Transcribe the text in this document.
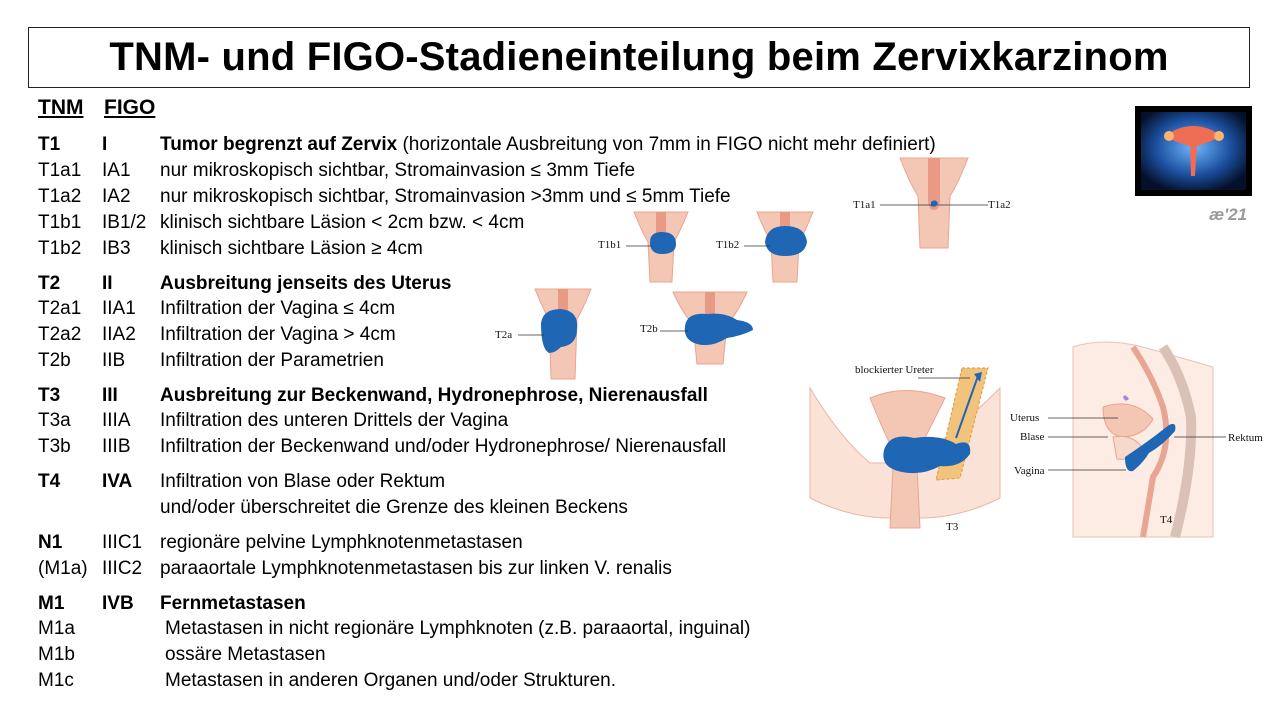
TNM- und FIGO-Stadieneinteilung beim Zervixkarzinom
TNM FIGO
T1 I	Tumor begrenzt auf Zervix (horizontale Ausbreitung von 7mm in FIGO nicht mehr definiert)
T1a1 IA1 nur mikroskopisch sichtbar, Stromainvasion ≤ 3mm Tiefe
T1a2 IA2 nur mikroskopisch sichtbar, Stromainvasion >3mm und ≤ 5mm Tiefe
T1b1 IB1/2 klinisch sichtbare Läsion < 2cm bzw. < 4cm
T1b2 IB3 klinisch sichtbare Läsion ≥ 4cm
T2 II Ausbreitung jenseits des Uterus
T2a1 IIA1 Infiltration der Vagina ≤ 4cm
T2a2 IIA2 Infiltration der Vagina > 4cm
T2b IIB Infiltration der Parametrien
T3 III Ausbreitung zur Beckenwand, Hydronephrose, Nierenausfall
T3a IIIA Infiltration des unteren Drittels der Vagina
T3b IIIB Infiltration der Beckenwand und/oder Hydronephrose/ Nierenausfall
T4 IVA Infiltration von Blase oder Rektum
und/oder überschreitet die Grenze des kleinen Beckens
N1 IIIC1 regionäre pelvine Lymphknotenmetastasen
(M1a) IIIC2 paraaortale Lymphknotenmetastasen bis zur linken V. renalis
M1 IVB Fernmetastasen
M1a	Metastasen in nicht regionäre Lymphknoten (z.B. paraaortal, inguinal)
M1b	ossäre Metastasen
M1c	Metastasen in anderen Organen und/oder Strukturen.
æ'21
T1a1	T1a2
T1b1	T1b2
T2a	T2b
blockierter Ureter
T3
Uterus
Blase
Vagina
Rektum
T4
